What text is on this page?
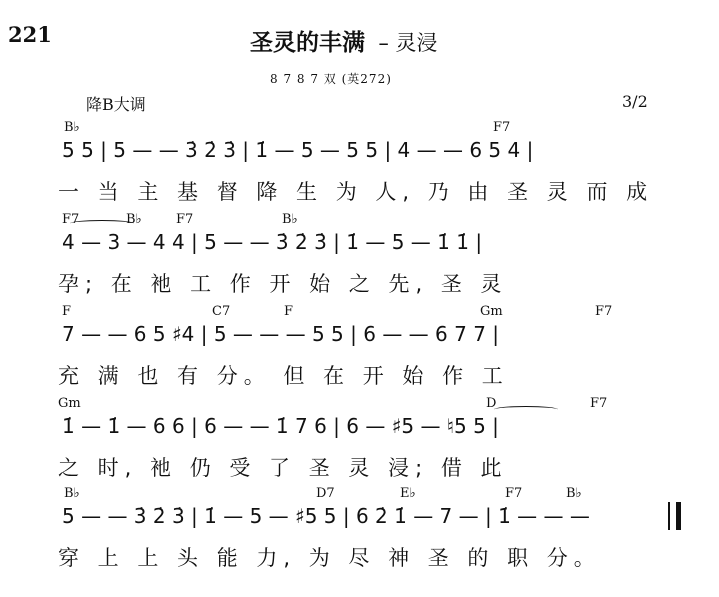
221	圣灵的丰满 – 灵浸
8 7 8 7 双 (英272)
降B大调	3/2
B♭	F7
5 5 | 5 — — 3̇ 2̇ 3̇ | 1̇ — 5 — 5 5 | 4 — — 6 5 4 |
一 当 主 基 督 降 生 为 人, 乃 由 圣 灵 而 成
F7	B♭	F7	B♭
4 — 3 — 4 4 | 5 — — 3̇ 2̇ 3̇ | 1̇ — 5 — 1̇ 1̇ |
孕; 在 衪 工 作 开 始 之 先, 圣 灵
F	C7	F	Gm	F7
7 — — 6 5 ♯4 | 5 — — — 5 5 | 6 — — 6 7 7 |
充 满 也 有 分。 但 在 开 始 作 工
Gm	D	F7
1̇ — 1̇ — 6 6 | 6 — — 1̇ 7 6 | 6 — ♯5 — ♮5 5 |
之 时, 衪 仍 受 了 圣 灵 浸; 借 此
B♭	D7	E♭	F7	B♭
5 — — 3̇ 2̇ 3̇ | 1̇ — 5 — ♯5 5 | 6 2̇ 1̇ — 7 — | 1̇ — — —
穿 上 上 头 能 力, 为 尽 神 圣 的 职 分。
